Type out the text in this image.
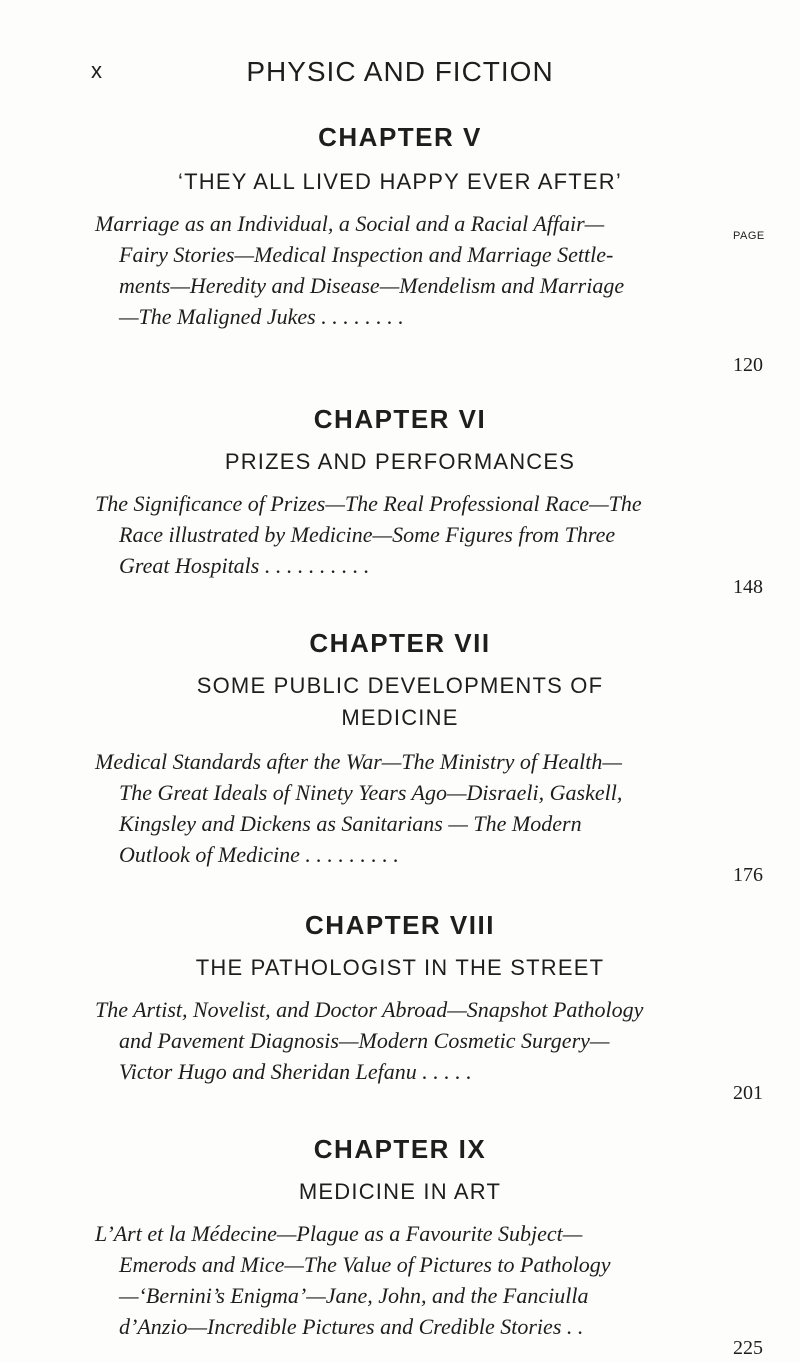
x	PHYSIC AND FICTION
CHAPTER V
‘THEY ALL LIVED HAPPY EVER AFTER’
PAGE
Marriage as an Individual, a Social and a Racial Affair—
Fairy Stories—Medical Inspection and Marriage Settle-
ments—Heredity and Disease—Mendelism and Marriage
—The Maligned Jukes . . . . . . . .
120
CHAPTER VI
PRIZES AND PERFORMANCES
The Significance of Prizes—The Real Professional Race—The
Race illustrated by Medicine—Some Figures from Three
Great Hospitals . . . . . . . . . .
148
CHAPTER VII
SOME PUBLIC DEVELOPMENTS OF
MEDICINE
Medical Standards after the War—The Ministry of Health—
The Great Ideals of Ninety Years Ago—Disraeli, Gaskell,
Kingsley and Dickens as Sanitarians — The Modern
Outlook of Medicine . . . . . . . . .
176
CHAPTER VIII
THE PATHOLOGIST IN THE STREET
The Artist, Novelist, and Doctor Abroad—Snapshot Pathology
and Pavement Diagnosis—Modern Cosmetic Surgery—
Victor Hugo and Sheridan Lefanu . . . . .
201
CHAPTER IX
MEDICINE IN ART
L’Art et la Médecine—Plague as a Favourite Subject—
Emerods and Mice—The Value of Pictures to Pathology
—‘Bernini’s Enigma’—Jane, John, and the Fanciulla
d’Anzio—Incredible Pictures and Credible Stories . .
225
